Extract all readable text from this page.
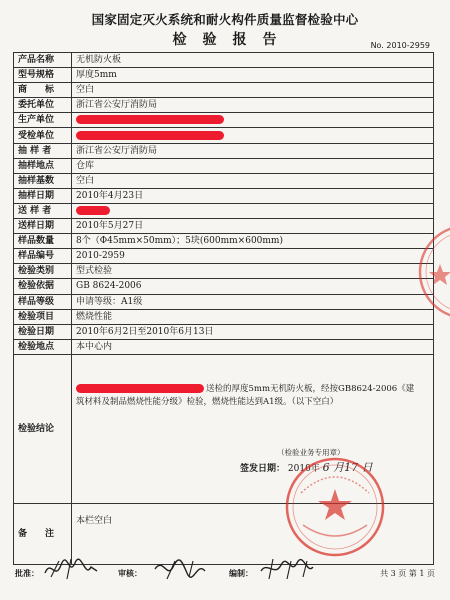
国家固定灭火系统和耐火构件质量监督检验中心
检　验　报　告	No. 2010-2959
产品名称	无机防火板
型号规格	厚度5mm
商　　标	空白
委托单位	浙江省公安厅消防局
生产单位	
受检单位	
抽 样 者	浙江省公安厅消防局
抽样地点	仓库
抽样基数	空白
抽样日期	2010年4月23日
送 样 者	
送样日期	2010年5月27日
样品数量	8个（Φ45mm×50mm）；5块(600mm×600mm)
样品编号	2010-2959
检验类别	型式检验
检验依据	GB 8624-2006
样品等级	申请等级：A1级
检验项目	燃烧性能
检验日期	2010年6月2日至2010年6月13日
检验地点	本中心内
检验结论	送检的厚度5mm无机防火板，经按GB8624-2006《建筑材料及制品燃烧性能分级》检验，燃烧性能达到A1级。（以下空白）
（检验业务专用章）
签发日期： 2010年 6 月17 日

备　　注	本栏空白
批准：	审核：	编制：	共 3 页 第 1 页
